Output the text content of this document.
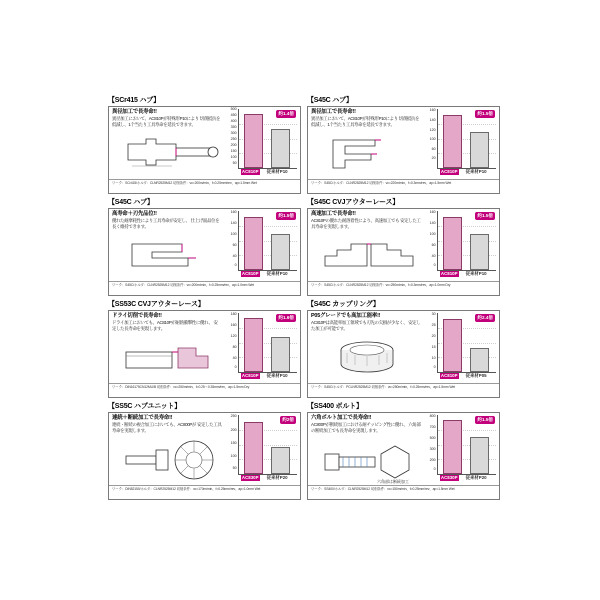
【SCr415 ハブ】
異径加工で長寿命!!
異径加工において、AC810Pが特殊形P10により 切削抵抗を低減し、1个当たり工具寿命を延長できます。
500
450
400
350
300
250
200
150
100
50
約1.4倍
AC810P 従来材P10
ワーク：SCr415/ホルダ：CLNR2525M12 切削条件：vc=200m/min、f=0.25mm/rev、ap=1.5mm Wet
【S45C ハブ】
異径加工で長寿命!!
異径加工において、AC810Pが特殊形P10により 切削抵抗を低減し、1个当たり工具寿命を延長できます。
160
140
120
100
60
20
約1.5倍
AC810P 従来材P10
ワーク：S45C/ホルダ：CLNR2525M12 切削条件：vc=220m/min、f=0.3mm/rev、ap=1.5mm Wet
【S45C ハブ】
高寿命＋刃先品位!!
優れた耐摩耗性により工具寿命が安定し、 仕上げ面品位を長く維持できます。
160
140
100
60
40
0
約1.5倍
AC810P 従来材P10
ワーク：S45C/ホルダ：CLNR2525M12 切削条件：vc=200m/min、f=0.25mm/rev、ap=1.0mm Wet
【S45C CVJアウターレース】
高速加工で長寿命!!
AC810Pの優れた耐溶着性により、高速加工でも 安定した工具寿命を実現します。
160
140
100
60
40
0
約1.5倍
AC810P 従来材P10
ワーク：S45C/ホルダ：CLNR2525M12 切削条件：vc=250m/min、f=0.3mm/rev、ap=1.0mm Dry
【SS53C CVJアウターレース】
ドライ切削で長寿命!!
ドライ加工においても、AC810Pが耐熱衝撃性に優れ、 安定した長寿命を実現します。
180
160
120
80
40
0
約1.6倍
AC810P 従来材P10
ワーク：DIN16175CN12MU/B 切削条件：vc=250m/min、f=0.25～0.35mm/rev、ap=1.5mm Dry
【S45C カップリング】
P05グレードでも高加工能率!!
AC810Pは高能率加工領域でも刃先の欠損が少なく、 安定した加工が可能です。
30
25
20
15
10
0
約2.4倍
AC810P 従来材P05
ワーク：S45C/ホルダ：PCLNR2525M12 切削条件：vc=250m/min、f=0.25mm/rev、ap=1.5mm Wet
【SS5C ハブユニット】
連続＋断続加工で長寿命!!
連続・断続の複合加工においても、AC800Pが 安定した工具寿命を実現します。
250
200
150
100
50
約2倍
AC830P 従来材P20
ワーク：DIN52150/ホルダ：CLNR2525M12 切削条件：vc=170m/min、f=0.25mm/rev、ap=1.0mm Wet
【SS400 ボルト】
六角ボルト加工で長寿命!!
AC800Pが断続加工における耐チッピング性に優れ、 六角部の断続加工でも長寿命を実現します。
六角部は断続加工
800
700
500
300
200
0
約1.5倍
AC830P 従来材P20
ワーク：SS400/ホルダ：CLNR2525M12 切削条件：vc=150m/min、f=0.25mm/rev、ap=1.5mm Wet
